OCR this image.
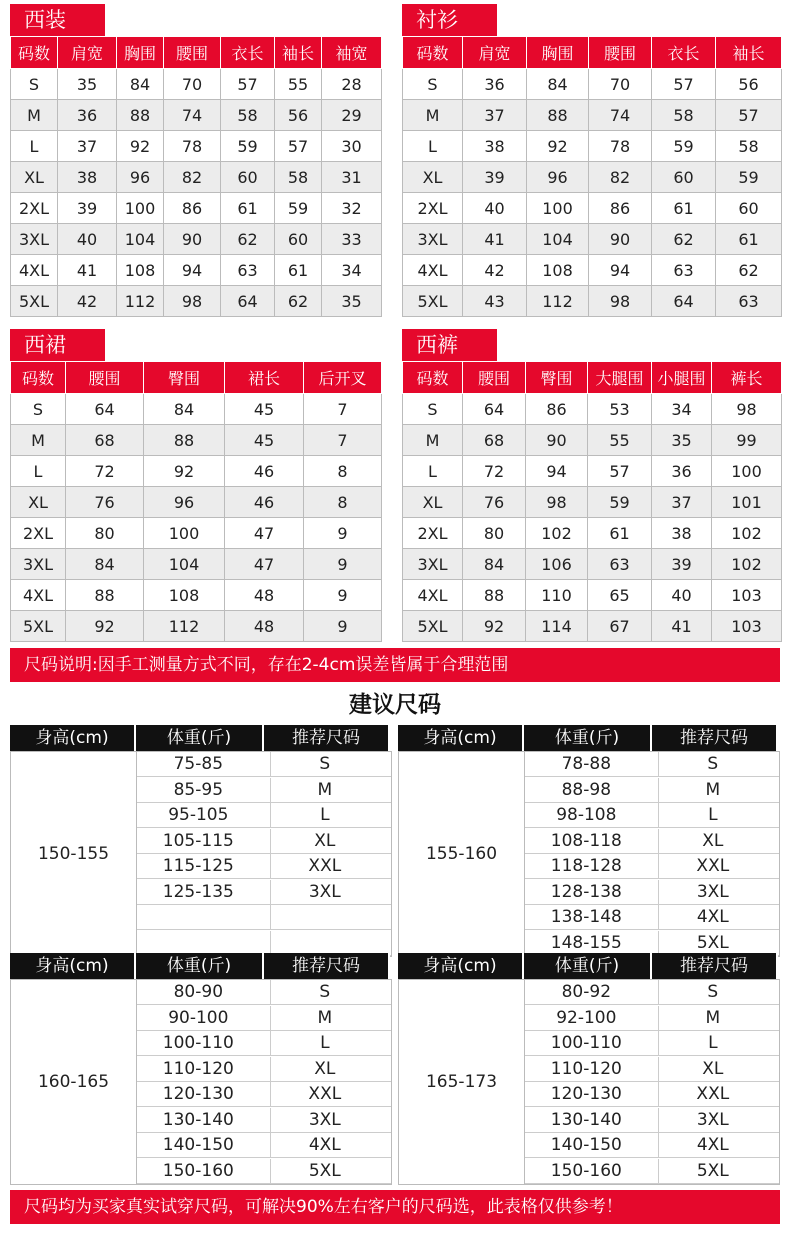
西装
码数	肩宽	胸围	腰围	衣长	袖长	袖宽
S	35	84	70	57	55	28
M	36	88	74	58	56	29
L	37	92	78	59	57	30
XL	38	96	82	60	58	31
2XL	39	100	86	61	59	32
3XL	40	104	90	62	60	33
4XL	41	108	94	63	61	34
5XL	42	112	98	64	62	35
衬衫
码数	肩宽	胸围	腰围	衣长	袖长
S	36	84	70	57	56
M	37	88	74	58	57
L	38	92	78	59	58
XL	39	96	82	60	59
2XL	40	100	86	61	60
3XL	41	104	90	62	61
4XL	42	108	94	63	62
5XL	43	112	98	64	63
西裙
码数	腰围	臀围	裙长	后开叉
S	64	84	45	7
M	68	88	45	7
L	72	92	46	8
XL	76	96	46	8
2XL	80	100	47	9
3XL	84	104	47	9
4XL	88	108	48	9
5XL	92	112	48	9
西裤
码数	腰围	臀围	大腿围	小腿围	裤长
S	64	86	53	34	98
M	68	90	55	35	99
L	72	94	57	36	100
XL	76	98	59	37	101
2XL	80	102	61	38	102
3XL	84	106	63	39	102
4XL	88	110	65	40	103
5XL	92	114	67	41	103
尺码说明:因手工测量方式不同，存在2-4cm误差皆属于合理范围
建议尺码
身高(cm)	体重(斤)	推荐尺码
150-155
75-85	S
85-95	M
95-105	L
105-115	XL
115-125	XXL
125-135	3XL
身高(cm)	体重(斤)	推荐尺码
155-160
78-88	S
88-98	M
98-108	L
108-118	XL
118-128	XXL
128-138	3XL
138-148	4XL
148-155	5XL
身高(cm)	体重(斤)	推荐尺码
160-165
80-90	S
90-100	M
100-110	L
110-120	XL
120-130	XXL
130-140	3XL
140-150	4XL
150-160	5XL
身高(cm)	体重(斤)	推荐尺码
165-173
80-92	S
92-100	M
100-110	L
110-120	XL
120-130	XXL
130-140	3XL
140-150	4XL
150-160	5XL
尺码均为买家真实试穿尺码，可解决90%左右客户的尺码选，此表格仅供参考！
